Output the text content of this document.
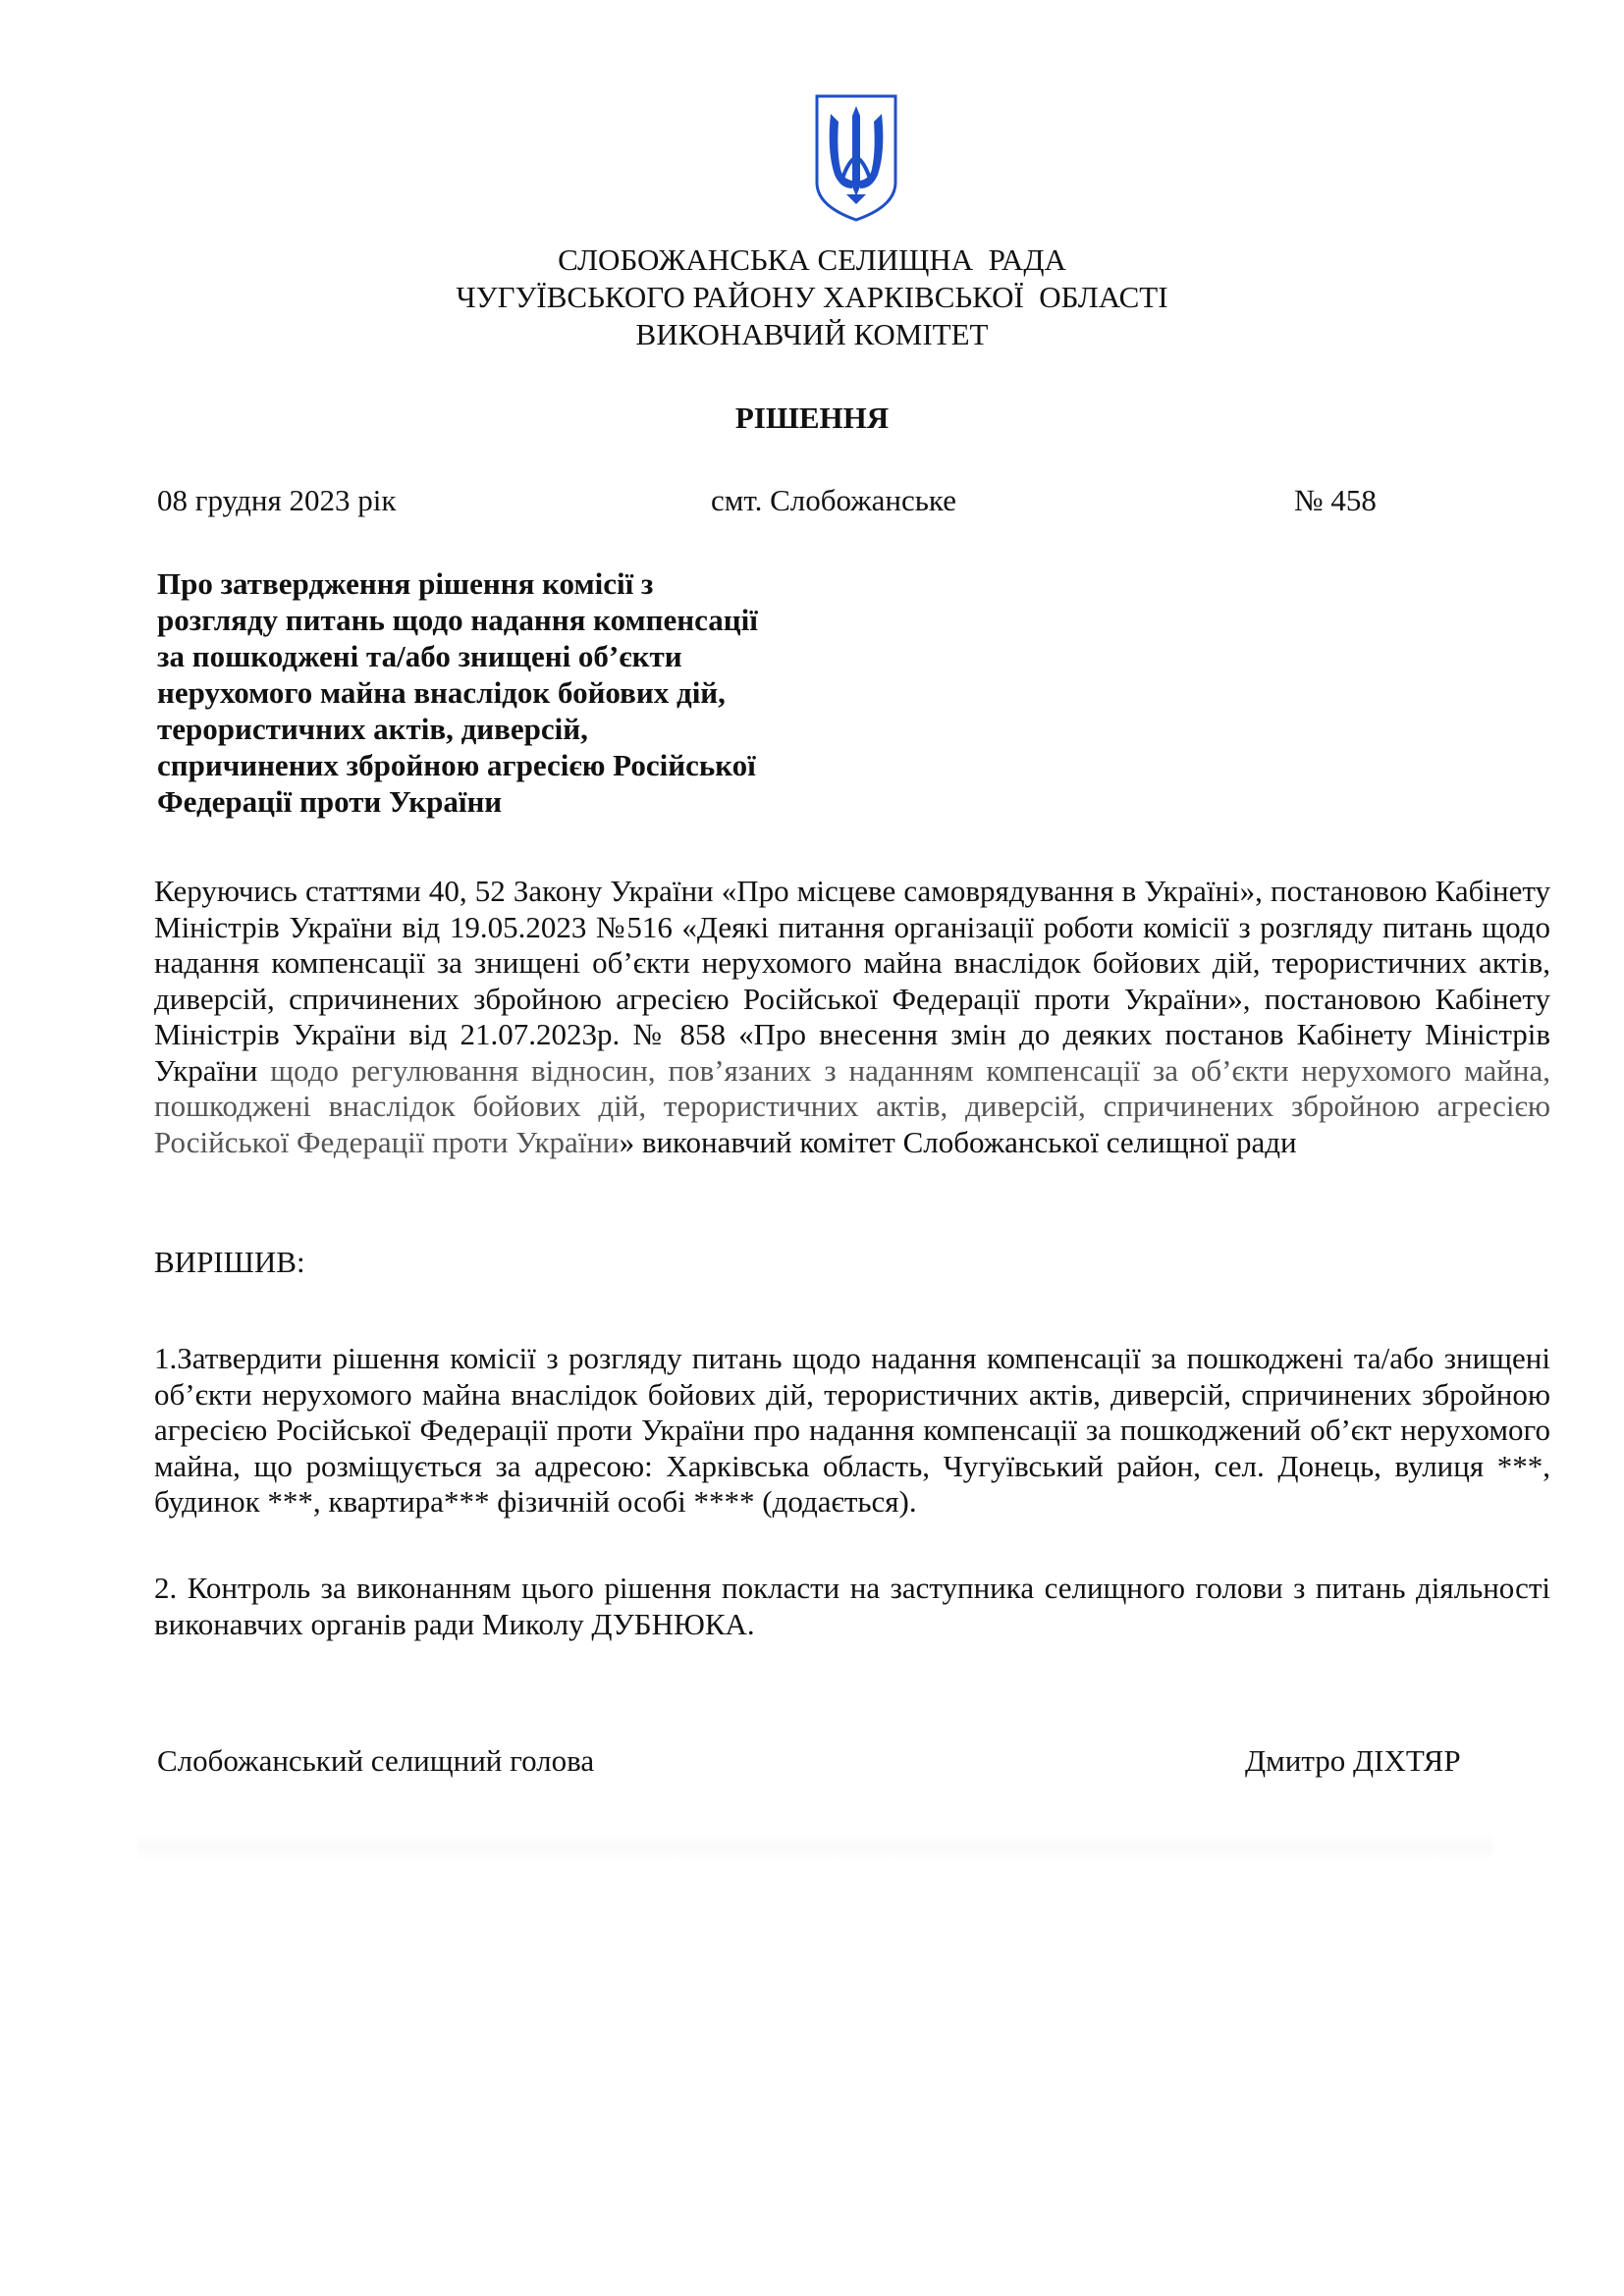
СЛОБОЖАНСЬКА СЕЛИЩНА  РАДА
ЧУГУЇВСЬКОГО РАЙОНУ ХАРКІВСЬКОЇ  ОБЛАСТІ
ВИКОНАВЧИЙ КОМІТЕТ
РІШЕННЯ
08 грудня 2023 рік	смт. Слобожанське	№ 458
Про затвердження рішення комісії з
розгляду питань щодо надання компенсації
за пошкоджені та/або знищені об’єкти
нерухомого майна внаслідок бойових дій,
терористичних актів, диверсій,
спричинених збройною агресією Російської
Федерації проти України
Керуючись статтями 40, 52 Закону України «Про місцеве самоврядування в Україні», постановою Кабінету Міністрів України від 19.05.2023 №516 «Деякі питання організації роботи комісії з розгляду питань щодо надання компенсації за знищені об’єкти нерухомого майна внаслідок бойових дій, терористичних актів, диверсій, спричинених збройною агресією Російської Федерації проти України», постановою Кабінету Міністрів України від 21.07.2023р. № 858 «Про внесення змін до деяких постанов Кабінету Міністрів України щодо регулювання відносин, пов’язаних з наданням компенсації за об’єкти нерухомого майна, пошкоджені внаслідок бойових дій, терористичних актів, диверсій, спричинених збройною агресією Російської Федерації проти України» виконавчий комітет Слобожанської селищної ради
ВИРІШИВ:
1.Затвердити рішення комісії з розгляду питань щодо надання компенсації за пошкоджені та/або знищені об’єкти нерухомого майна внаслідок бойових дій, терористичних актів, диверсій, спричинених збройною агресією Російської Федерації проти України про надання компенсації за пошкоджений об’єкт нерухомого майна, що розміщується за адресою: Харківська область, Чугуївський район, сел. Донець, вулиця ***, будинок ***, квартира*** фізичній особі **** (додається).
2. Контроль за виконанням цього рішення покласти на заступника селищного голови з питань діяльності виконавчих органів ради Миколу ДУБНЮКА.
Слобожанський селищний голова	Дмитро ДІХТЯР
